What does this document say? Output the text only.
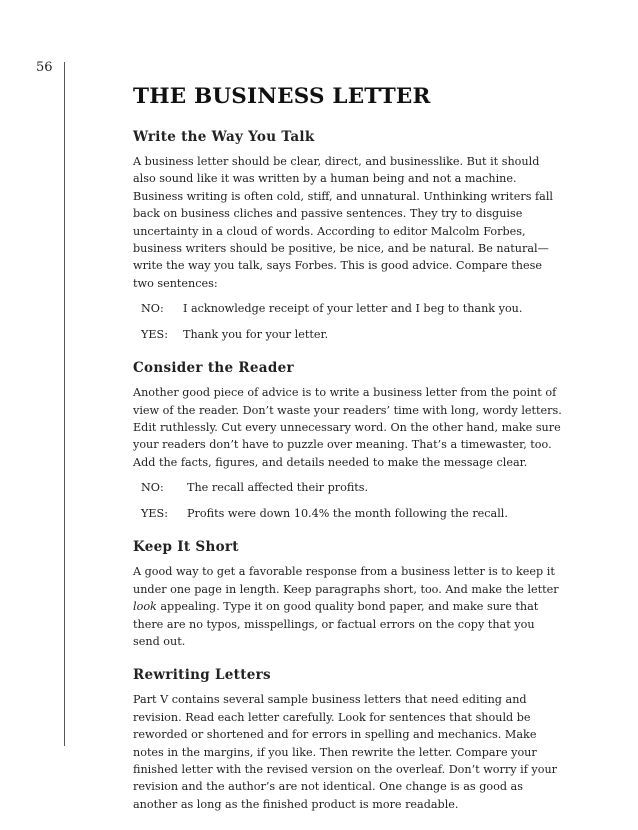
56
THE BUSINESS LETTER
Write the Way You Talk

A business letter should be clear, direct, and businesslike. But it should also sound like it was written by a human being and not a machine. Business writing is often cold, stiff, and unnatural. Unthinking writers fall back on business cliches and passive sentences. They try to disguise uncertainty in a cloud of words. According to editor Malcolm Forbes, business writers should be positive, be nice, and be natural. Be natural—write the way you talk, says Forbes. This is good advice. Compare these two sentences:

NO: I acknowledge receipt of your letter and I beg to thank you.
YES: Thank you for your letter.
Consider the Reader

Another good piece of advice is to write a business letter from the point of view of the reader. Don’t waste your readers’ time with long, wordy letters. Edit ruthlessly. Cut every unnecessary word. On the other hand, make sure your readers don’t have to puzzle over meaning. That’s a timewaster, too. Add the facts, figures, and details needed to make the message clear.

NO: The recall affected their profits.
YES: Profits were down 10.4% the month following the recall.
Keep It Short

A good way to get a favorable response from a business letter is to keep it under one page in length. Keep paragraphs short, too. And make the letter look appealing. Type it on good quality bond paper, and make sure that there are no typos, misspellings, or factual errors on the copy that you send out.

Rewriting Letters

Part V contains several sample business letters that need editing and revision. Read each letter carefully. Look for sentences that should be reworded or shortened and for errors in spelling and mechanics. Make notes in the margins, if you like. Then rewrite the letter. Compare your finished letter with the revised version on the overleaf. Don’t worry if your revision and the author’s are not identical. One change is as good as another as long as the finished product is more readable.
